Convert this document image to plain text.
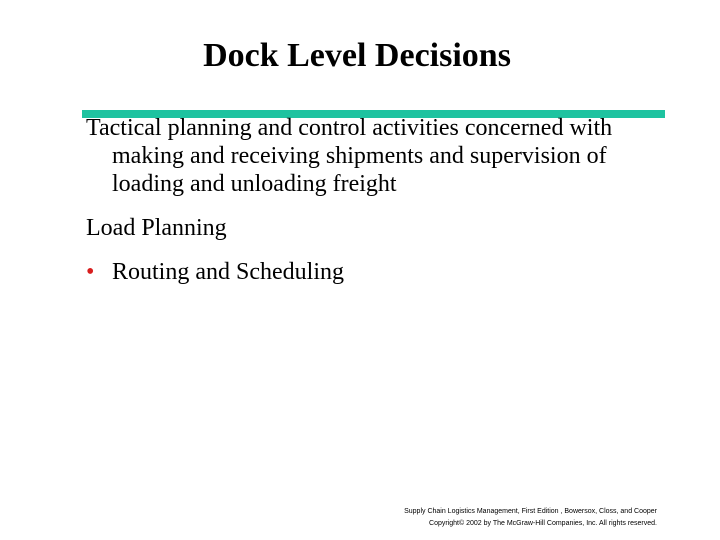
Dock Level Decisions

Tactical planning and control activities concerned with making and receiving shipments and supervision of loading and unloading freight

Load Planning

• Routing and Scheduling

Supply Chain Logistics Management, First Edition , Bowersox, Closs, and Cooper
Copyright© 2002 by The McGraw-Hill Companies, Inc. All rights reserved.
